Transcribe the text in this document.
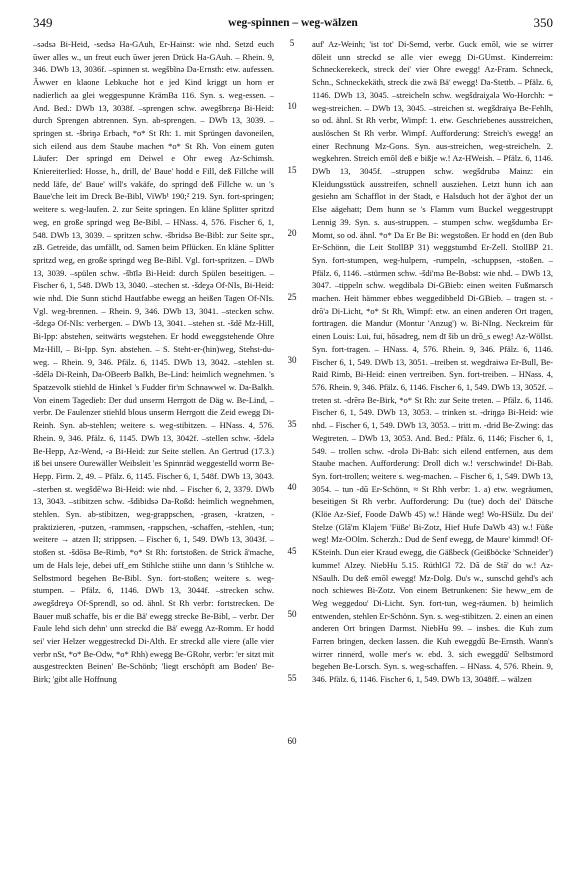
349	weg-spinnen – weg-wälzen	350

–sǝdsǝ Bi-Heid, -sedsǝ Ha-GAuh, Er-Hainst: wie nhd. Setzd euch ūwer alles w., un freut euch ūwer jeren Drück Ha-GAuh. – Rhein. 9, 346. DWb 13, 3036f. –spinnen st. wegšbĩnǝ Da-Ernsth: etw. aufessen. Äwwer en klaone Lebkuche hot e jed Kind kriggt un horn er nadierlich aa glei weggespunne KrämBa 116. Syn. s. weg-essen. – And. Bed.: DWb 13, 3038f. –sprengen schw. ǝwegšbrεŋǝ Bi-Heid: durch Sprengen abtrennen. Syn. ab-sprengen. – DWb 13, 3039. –springen st. -šbriŋǝ Erbach, *o* St Rh: 1. mit Sprüngen davoneilen, sich eilend aus dem Staube machen *o* St Rh. Von einem guten Läufer: Der springd em Deiwel e Ohr eweg Az-Schimsh. Kniereiterlied: Hosse, h., drill, de' Baue' hodd e Fill, deß Fillche will nedd läfe, de' Baue' will's vakäfe, do springd deß Fillche w. un 's Baue'che leit im Dreck Be-Bibl, ViWb¹ 190;² 219. Syn. fort-springen; weitere s. weg-laufen. 2. zur Seite springen. En kläne Splitter spritzd weg, en große springd weg Be-Bibl. – HNass. 4, 576. Fischer 6, 1, 548. DWb 13, 3039. – spritzen schw. -šbridsǝ Be-Bibl: zur Seite spr., zB. Getreide, das umfällt, od. Samen beim Pflücken. En kläne Splitter spritzd weg, en große springd weg Be-Bibl. Vgl. fort-spritzen. – DWb 13, 3039. –spülen schw. -šbīlǝ Bi-Heid: durch Spülen beseitigen. – Fischer 6, 1, 548. DWb 13, 3040. –stechen st. -šdeχǝ Of-NIs, Bi-Heid: wie nhd. Die Sunn stichd Hautfabbe ewegg an heißen Tagen Of-NIs. Vgl. weg-brennen. – Rhein. 9, 346. DWb 13, 3041. –stecken schw. -šdεgǝ Of-NIs: verbergen. – DWb 13, 3041. –stehen st. -šdē Mz-Hill, Bi-Ipp: abstehen, seitwärts wegstehen. Er hodd eweggstehende Ohre Mz-Hill, – Bi-Ipp. Syn. abstehen. – S. Steht-er-(hin)weg, Stehst-du-weg. – Rhein. 9, 346. Pfälz. 6, 1145. DWb 13, 3042. –stehlen st. -šdēlǝ Di-Reinh, Da-OBeerb Balkh, Be-Lind: heimlich wegnehmen. 's Spatzevolk stiehld de Hinkel 's Fudder fir'm Schnawwel w. Da-Balkh. Von einem Tagedieb: Der dud unserm Herrgott de Däg w. Be-Lind, – verbr. De Faulenzer stiehld blous unserm Herrgott die Zeid ewegg Di-Reinh. Syn. ab-stehlen; weitere s. weg-stibitzen. – HNass. 4, 576. Rhein. 9, 346. Pfälz. 6, 1145. DWb 13, 3042f. –stellen schw. -šdelǝ Be-Hepp, Az-Wend, -ǝ Bi-Heid: zur Seite stellen. An Gertrud (17.3.) iß bei unsere Ourewäller Weibsleit 'es Spinnräd weggestelld worrn Be-Hepp. Firm. 2, 49. – Pfälz. 6, 1145. Fischer 6, 1, 548f. DWb 13, 3043. –sterben st. wegšdē'wǝ Bi-Heid: wie nhd. – Fischer 6, 2, 3379. DWb 13, 3043. –stibitzen schw. -šdibidsǝ Da-Roßd: heimlich wegnehmen, stehlen. Syn. ab-stibitzen, weg-grappschen, -grasen, -kratzen, -praktizieren, -putzen, -rammsen, -rappschen, -schaffen, -stehlen, -tun; weitere → atzen II; strippsen. – Fischer 6, 1, 549. DWb 13, 3043f. –stoßen st. -šdōsǝ Be-Rimb, *o* St Rh: fortstoßen. de Strick â'mache, um de Hals leje, debei uff_em Stihlche stiihe unn dann 's Stihlche w. Selbstmord begehen Be-Bibl. Syn. fort-stoßen; weitere s. weg-stumpen. – Pfälz. 6, 1146. DWb 13, 3044f. –strecken schw. ǝwegšdreɣǝ Of-Sprendl, so od. ähnl. St Rh verbr: fortstrecken. De Bauer muß schaffe, bis er die Bä' ewegg strecke Be-Bibl, – verbr. Der Faule lehd sich dehn' unn streckd die Bä' ewegg Az-Romm. Er hodd sei' vier Helzer weggestreckd Di-Alth. Er streckd alle viere (alle vier verbr nSt, *o* Be-Odw, *o* Rhh) ewegg Be-GRohr, verbr: 'er sitzt mit ausgestreckten Beinen' Be-Schönb; 'liegt erschöpft am Boden' Be-Birk; 'gibt alle Hoffnung

5
10
15
20
25
30
35
40
45
50
55
60

auf' Az-Weinh; 'ist tot' Di-Semd, verbr. Guck emōl, wie se wirrer dōleit unn streckd se alle vier ewegg Di-GUmst. Kinderreim: Schneckerekeck, streck dei' vier Ohre ewegg! Az-Fram. Schneck, Schn., Schneckekäth, streck die zwä Bä' ewegg! Da-Stettb. – Pfälz. 6, 1146. DWb 13, 3045. –streicheln schw. wegšdraiχǝlǝ Wo-Horchh: = weg-streichen. – DWb 13, 3045. –streichen st. wegšdraiɣǝ Be-Fehlh, so od. ähnl. St Rh verbr, Wimpf: 1. etw. Geschriebenes ausstreichen, auslöschen St Rh verbr. Wimpf. Aufforderung: Streich's ewegg! an einer Rechnung Mz-Gons. Syn. aus-streichen, weg-streicheln. 2. wegkehren. Streich emōl deß e bißje w.! Az-HWeish. – Pfälz. 6, 1146. DWb 13, 3045f. –struppen schw. wegšdrubǝ Mainz: ein Kleidungsstück ausstreifen, schnell ausziehen. Letzt hunn ich aan gesiehn am Schafflot in der Stadt, e Halsduch hot der ā'ghot der un Else aägehatt; Dem hunn se 's Flamm vum Buckel weggestruppt Lennig 39. Syn. s. aus-struppen. – stumpen schw. wegšdumbǝ Er-Momt, so od. ähnl. *o* Da Er Be Bi: wegstoßen. Er hodd en (den Bub Er-Schönn, die Leit StollBP 31) weggstumbd Er-Zell. StollBP 21. Syn. fort-stumpen, weg-hulpern, -rumpeln, -schuppsen, -stoßen. – Pfälz. 6, 1146. –stürmen schw. -šdi'mǝ Be-Bobst: wie nhd. – DWb 13, 3047. –tippeln schw. wegdibǝlǝ Di-GBieb: einen weiten Fußmarsch machen. Heit hämmer ebbes weggedibbeld Di-GBieb. – tragen st. -drō'ǝ Di-Licht, *o* St Rh, Wimpf: etw. an einen anderen Ort tragen, forttragen. die Mandur (Montur 'Anzug') w. Bi-NIng. Neckreim für einen Louis: Lui, fui, hōsǝdreg, nem dī šib un drō_s eweg! Az-Wöllst. Syn. fort-tragen. – HNass. 4, 576. Rhein. 9, 346. Pfälz. 6, 1146. Fischer 6, 1, 549. DWb 13, 3051. –treiben st. wegdraiwǝ Er-Bull, Be-Raid Rimb, Bi-Heid: einen vertreiben. Syn. fort-treiben. – HNass. 4, 576. Rhein. 9, 346. Pfälz. 6, 1146. Fischer 6, 1, 549. DWb 13, 3052f. – treten st. -drērǝ Be-Birk, *o* St Rh: zur Seite treten. – Pfälz. 6, 1146. Fischer 6, 1, 549. DWb 13, 3053. – trinken st. -driŋgǝ Bi-Heid: wie nhd. – Fischer 6, 1, 549. DWb 13, 3053. – tritt m. -drid Be-Zwing: das Wegtreten. – DWb 13, 3053. And. Bed.: Pfälz. 6, 1146; Fischer 6, 1, 549. – trollen schw. -drolǝ Di-Bab: sich eilend entfernen, aus dem Staube machen. Aufforderung: Droll dich w.! verschwinde! Di-Bab. Syn. fort-trollen; weitere s. weg-machen. – Fischer 6, 1, 549. DWb 13, 3054. – tun -dū Er-Schönn, ≈ St Rhh verbr: 1. a) etw. wegräumen, beseitigen St Rh verbr. Aufforderung: Du (tue) doch dei' Dätsche (Klöe Az-Sief, Foode DaWb 45) w.! Hände weg! Wo-HSülz. Du dei' Stelze (Glā'm Klajem 'Füße' Bi-Zotz, Hief Hufe DaWb 43) w.! Füße weg! Mz-OOlm. Scherzh.: Dud de Senf ewegg, de Maure' kimmd! Of-KSteinh. Dun eier Kraud ewegg, die Gäßbeck (Geißböcke 'Schneider') kumme! Alzey. NiebHu 5.15. RüthlGl 72. Dā de Stā' do w.! Az-NSaulh. Du deß emōl ewegg! Mz-Dolg. Du's w., sunschd gehd's ach noch schiewes Bi-Zotz. Von einem Betrunkenen: Sie heww_em de Weg weggedou' Di-Licht. Syn. fort-tun, weg-räumen. b) heimlich entwenden, stehlen Er-Schönn. Syn. s. weg-stibitzen. 2. einen an einen anderen Ort bringen Darmst. NiebHu 99. – insbes. die Kuh zum Farren bringen, decken lassen. die Kuh eweggdū Be-Ernsth. Wann's wirrer rinnerd, wolle mer's w. ebd. 3. sich eweggdū' Selbstmord begehen Be-Lorsch. Syn. s. weg-schaffen. – HNass. 4, 576. Rhein. 9, 346. Pfälz. 6, 1146. Fischer 6, 1, 549. DWb 13, 3048ff. – wälzen
